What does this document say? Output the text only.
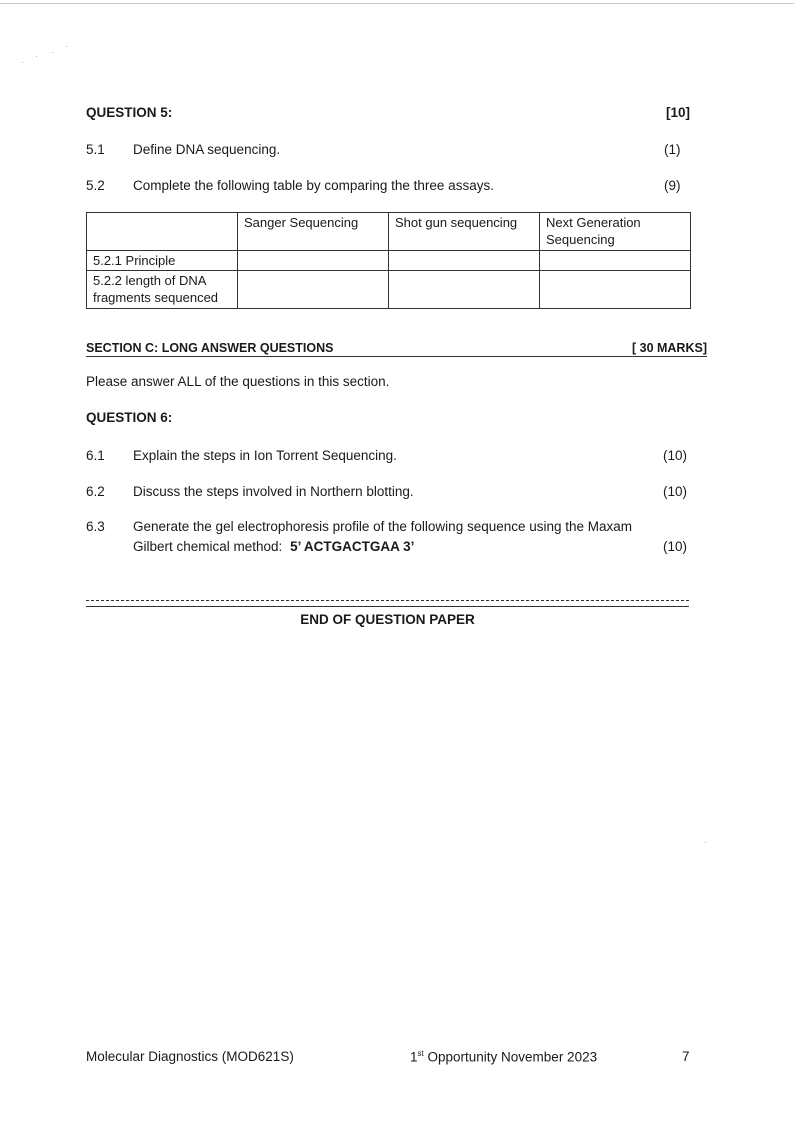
QUESTION 5:	[10]
5.1 Define DNA sequencing.	(1)
5.2 Complete the following table by comparing the three assays.	(9)
	Sanger Sequencing	Shot gun sequencing	Next Generation Sequencing
5.2.1 Principle			
5.2.2 length of DNA fragments sequenced			
SECTION C: LONG ANSWER QUESTIONS	[ 30 MARKS]
Please answer ALL of the questions in this section.
QUESTION 6:
6.1 Explain the steps in Ion Torrent Sequencing.	(10)
6.2 Discuss the steps involved in Northern blotting.	(10)
6.3 Generate the gel electrophoresis profile of the following sequence using the Maxam
Gilbert chemical method: 5’ ACTGACTGAA 3’	(10)
END OF QUESTION PAPER
Molecular Diagnostics (MOD621S)	1st Opportunity November 2023	7
